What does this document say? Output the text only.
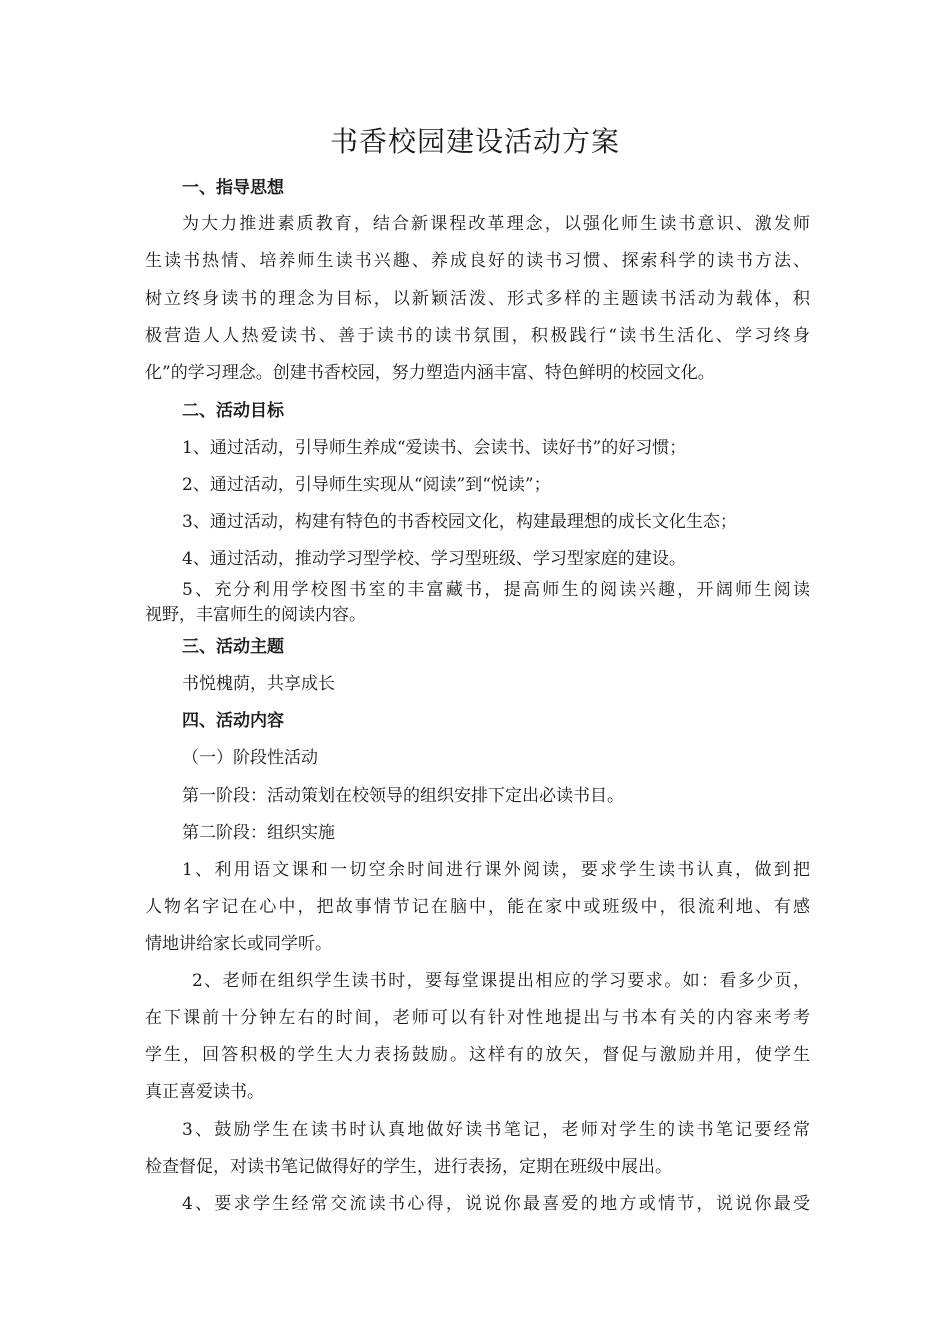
书香校园建设活动方案
一、指导思想
为大力推进素质教育，结合新课程改革理念，以强化师生读书意识、激发师
生读书热情、培养师生读书兴趣、养成良好的读书习惯、探索科学的读书方法、
树立终身读书的理念为目标，以新颖活泼、形式多样的主题读书活动为载体，积
极营造人人热爱读书、善于读书的读书氛围，积极践行“读书生活化、学习终身
化”的学习理念。创建书香校园，努力塑造内涵丰富、特色鲜明的校园文化。
二、活动目标
1、通过活动，引导师生养成“爱读书、会读书、读好书”的好习惯；
2、通过活动，引导师生实现从“阅读”到“悦读”；
3、通过活动，构建有特色的书香校园文化，构建最理想的成长文化生态；
4、通过活动，推动学习型学校、学习型班级、学习型家庭的建设。
5、充分利用学校图书室的丰富藏书，提高师生的阅读兴趣，开阔师生阅读
视野，丰富师生的阅读内容。
三、活动主题
书悦槐荫，共享成长
四、活动内容
（一）阶段性活动
第一阶段：活动策划在校领导的组织安排下定出必读书目。
第二阶段：组织实施
1、利用语文课和一切空余时间进行课外阅读，要求学生读书认真，做到把
人物名字记在心中，把故事情节记在脑中，能在家中或班级中，很流利地、有感
情地讲给家长或同学听。
2、老师在组织学生读书时，要每堂课提出相应的学习要求。如：看多少页，
在下课前十分钟左右的时间，老师可以有针对性地提出与书本有关的内容来考考
学生，回答积极的学生大力表扬鼓励。这样有的放矢，督促与激励并用，使学生
真正喜爱读书。
3、鼓励学生在读书时认真地做好读书笔记，老师对学生的读书笔记要经常
检查督促，对读书笔记做得好的学生，进行表扬，定期在班级中展出。
4、要求学生经常交流读书心得，说说你最喜爱的地方或情节，说说你最受
